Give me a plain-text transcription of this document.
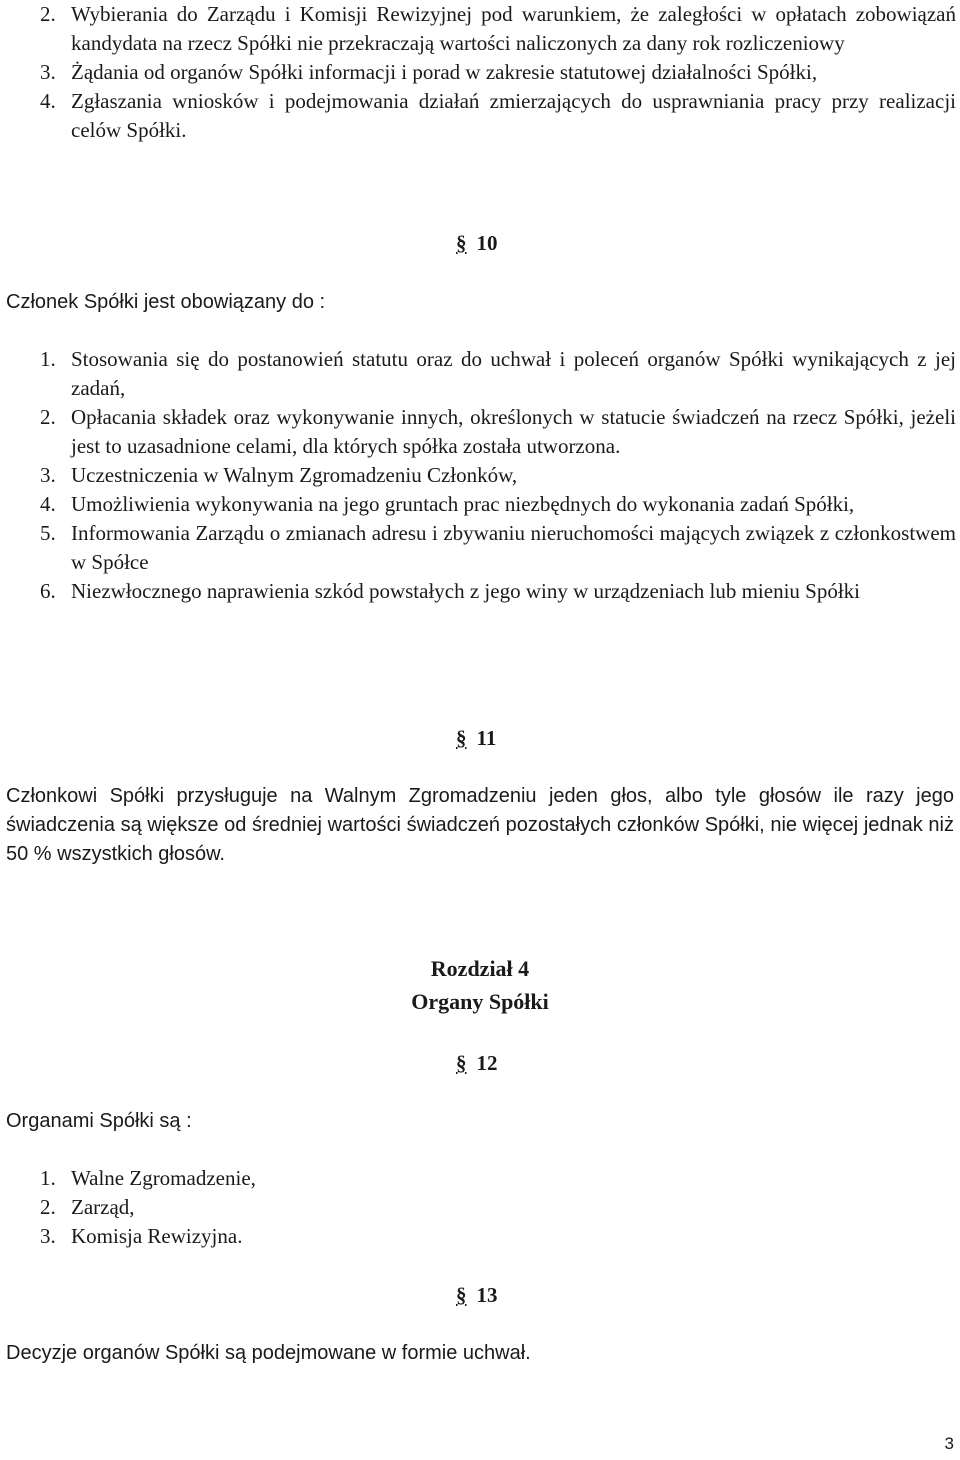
2. Wybierania do Zarządu i Komisji Rewizyjnej pod warunkiem, że zaległości w opłatach zobowiązań kandydata na rzecz Spółki nie przekraczają wartości naliczonych za dany rok rozliczeniowy
3. Żądania od organów Spółki informacji i porad w zakresie statutowej działalności Spółki,
4. Zgłaszania wniosków i podejmowania działań zmierzających do usprawniania pracy przy realizacji celów Spółki.
§ 10
Członek Spółki jest obowiązany do :
1. Stosowania się do postanowień statutu oraz do uchwał i poleceń organów Spółki wynikających z jej zadań,
2. Opłacania składek oraz wykonywanie innych, określonych w statucie świadczeń na rzecz Spółki, jeżeli jest to uzasadnione celami, dla których spółka została utworzona.
3. Uczestniczenia w Walnym Zgromadzeniu Członków,
4. Umożliwienia wykonywania na jego gruntach prac niezbędnych do wykonania zadań Spółki,
5. Informowania Zarządu o zmianach adresu i zbywaniu nieruchomości mających związek z członkostwem w Spółce
6. Niezwłocznego naprawienia szkód powstałych z jego winy w urządzeniach lub mieniu Spółki
§ 11
Członkowi Spółki przysługuje na Walnym Zgromadzeniu jeden głos, albo tyle głosów ile razy jego świadczenia są większe od średniej wartości świadczeń pozostałych członków Spółki, nie więcej jednak niż 50 % wszystkich głosów.
Rozdział 4
Organy Spółki
§ 12
Organami Spółki są :
1. Walne Zgromadzenie,
2. Zarząd,
3. Komisja Rewizyjna.
§ 13
Decyzje organów Spółki są podejmowane w formie uchwał.
3
